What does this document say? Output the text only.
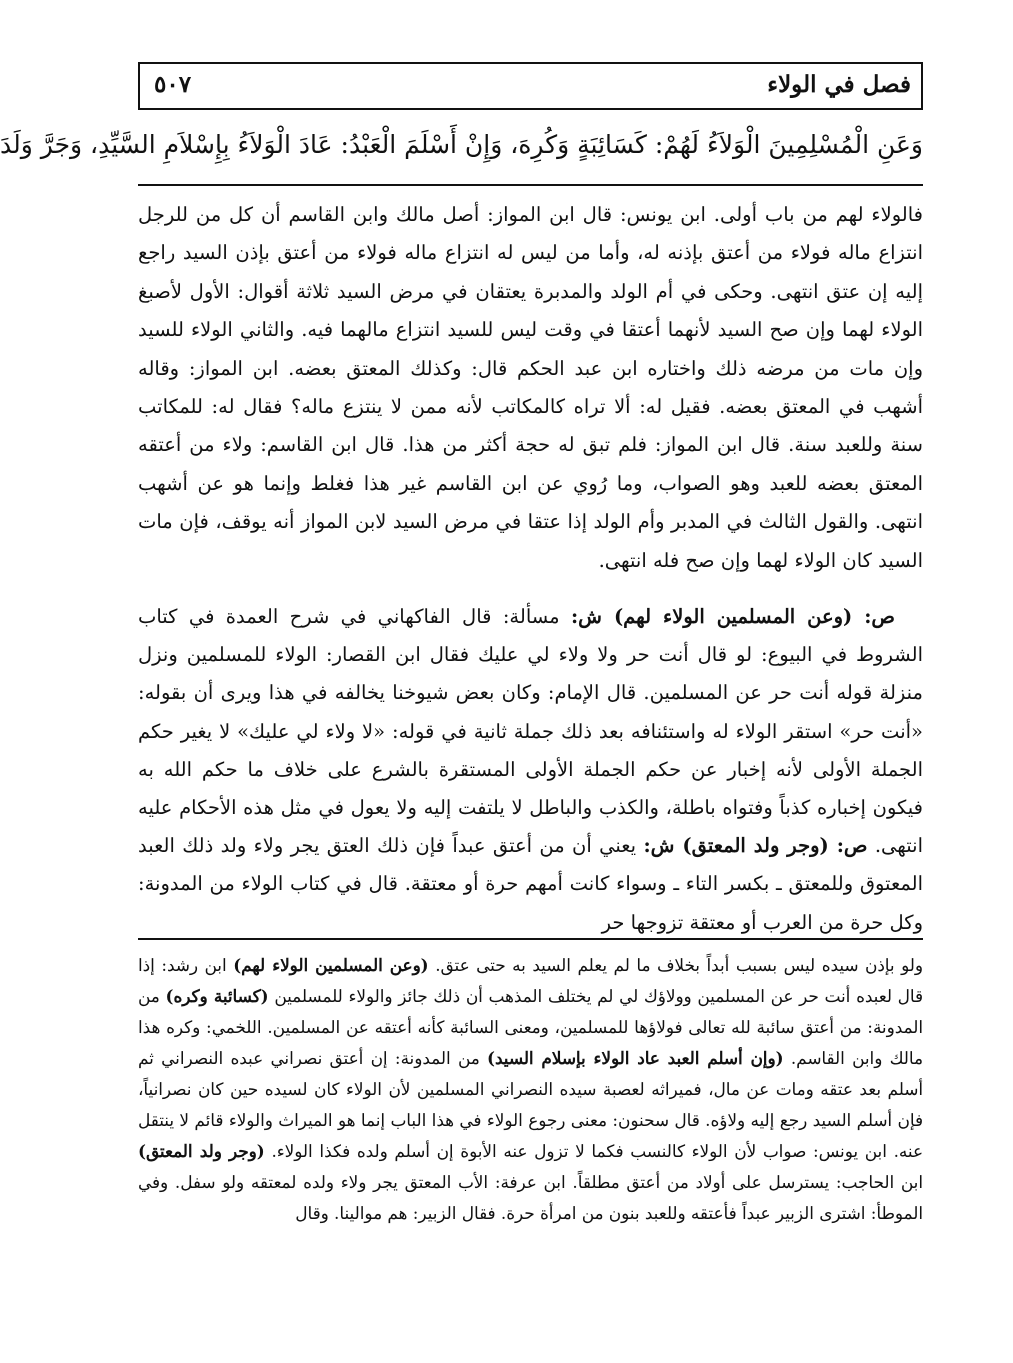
فصل في الولاء
٥٠٧
وَعَنِ الْمُسْلِمِينَ الْوَلاَءُ لَهُمْ: كَسَائِبَةٍ وَكُرِهَ، وَإِنْ أَسْلَمَ الْعَبْدُ: عَادَ الْوَلاَءُ بِإِسْلاَمِ السَّيِّدِ، وَجَرَّ وَلَدَ

فالولاء لهم من باب أولى. ابن يونس: قال ابن المواز: أصل مالك وابن القاسم أن كل من للرجل انتزاع ماله فولاء من أعتق بإذنه له، وأما من ليس له انتزاع ماله فولاء من أعتق بإذن السيد راجع إليه إن عتق انتهى. وحكى في أم الولد والمدبرة يعتقان في مرض السيد ثلاثة أقوال: الأول لأصبغ الولاء لهما وإن صح السيد لأنهما أعتقا في وقت ليس للسيد انتزاع مالهما فيه. والثاني الولاء للسيد وإن مات من مرضه ذلك واختاره ابن عبد الحكم قال: وكذلك المعتق بعضه. ابن المواز: وقاله أشهب في المعتق بعضه. فقيل له: ألا تراه كالمكاتب لأنه ممن لا ينتزع ماله؟ فقال له: للمكاتب سنة وللعبد سنة. قال ابن المواز: فلم تبق له حجة أكثر من هذا. قال ابن القاسم: ولاء من أعتقه المعتق بعضه للعبد وهو الصواب، وما رُوي عن ابن القاسم غير هذا فغلط وإنما هو عن أشهب انتهى. والقول الثالث في المدبر وأم الولد إذا عتقا في مرض السيد لابن المواز أنه يوقف، فإن مات السيد كان الولاء لهما وإن صح فله انتهى.

ص: (وعن المسلمين الولاء لهم) ش: مسألة: قال الفاكهاني في شرح العمدة في كتاب الشروط في البيوع: لو قال أنت حر ولا ولاء لي عليك فقال ابن القصار: الولاء للمسلمين ونزل منزلة قوله أنت حر عن المسلمين. قال الإمام: وكان بعض شيوخنا يخالفه في هذا ويرى أن بقوله: «أنت حر» استقر الولاء له واستئنافه بعد ذلك جملة ثانية في قوله: «لا ولاء لي عليك» لا يغير حكم الجملة الأولى لأنه إخبار عن حكم الجملة الأولى المستقرة بالشرع على خلاف ما حكم الله به فيكون إخباره كذباً وفتواه باطلة، والكذب والباطل لا يلتفت إليه ولا يعول في مثل هذه الأحكام عليه انتهى. ص: (وجر ولد المعتق) ش: يعني أن من أعتق عبداً فإن ذلك العتق يجر ولاء ولد ذلك العبد المعتوق وللمعتق ـ بكسر التاء ـ وسواء كانت أمهم حرة أو معتقة. قال في كتاب الولاء من المدونة: وكل حرة من العرب أو معتقة تزوجها حر

ولو بإذن سيده ليس بسبب أبداً بخلاف ما لم يعلم السيد به حتى عتق. (وعن المسلمين الولاء لهم) ابن رشد: إذا قال لعبده أنت حر عن المسلمين وولاؤك لي لم يختلف المذهب أن ذلك جائز والولاء للمسلمين (كسائبة وكره) من المدونة: من أعتق سائبة لله تعالى فولاؤها للمسلمين، ومعنى السائبة كأنه أعتقه عن المسلمين. اللخمي: وكره هذا مالك وابن القاسم. (وإن أسلم العبد عاد الولاء بإسلام السيد) من المدونة: إن أعتق نصراني عبده النصراني ثم أسلم بعد عتقه ومات عن مال، فميراثه لعصبة سيده النصراني المسلمين لأن الولاء كان لسيده حين كان نصرانياً، فإن أسلم السيد رجع إليه ولاؤه. قال سحنون: معنى رجوع الولاء في هذا الباب إنما هو الميراث والولاء قائم لا ينتقل عنه. ابن يونس: صواب لأن الولاء كالنسب فكما لا تزول عنه الأبوة إن أسلم ولده فكذا الولاء. (وجر ولد المعتق) ابن الحاجب: يسترسل على أولاد من أعتق مطلقاً. ابن عرفة: الأب المعتق يجر ولاء ولده لمعتقه ولو سفل. وفي الموطأ: اشترى الزبير عبداً فأعتقه وللعبد بنون من امرأة حرة. فقال الزبير: هم موالينا. وقال
